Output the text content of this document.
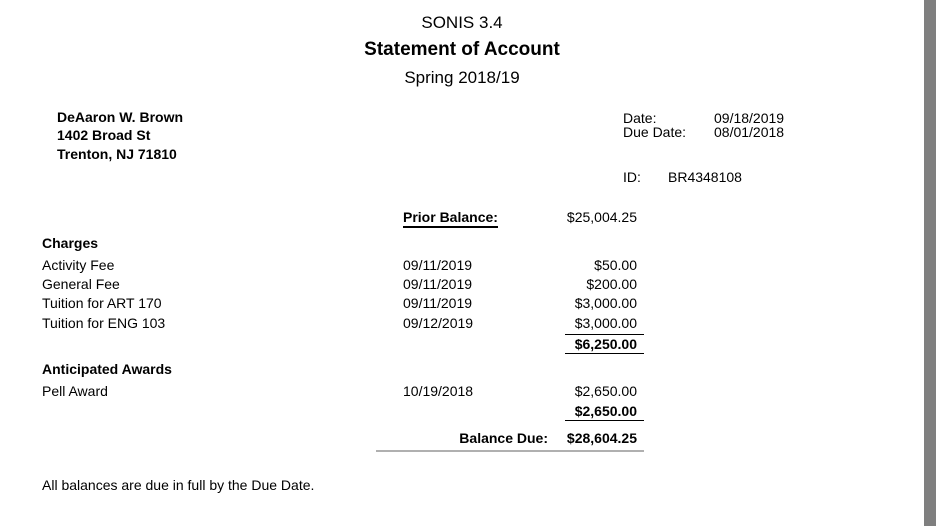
SONIS 3.4
Statement of Account
Spring 2018/19
DeAaron W. Brown
1402 Broad St
Trenton, NJ 71810
Date:	09/18/2019
Due Date: 08/01/2018
ID: BR4348108
Prior Balance:	$25,004.25
Charges
Activity Fee	09/11/2019	$50.00
General Fee	09/11/2019	$200.00
Tuition for ART 170	09/11/2019	$3,000.00
Tuition for ENG 103	09/12/2019	$3,000.00
$6,250.00
Anticipated Awards
Pell Award	10/19/2018	$2,650.00
$2,650.00
Balance Due:	$28,604.25
All balances are due in full by the Due Date.
